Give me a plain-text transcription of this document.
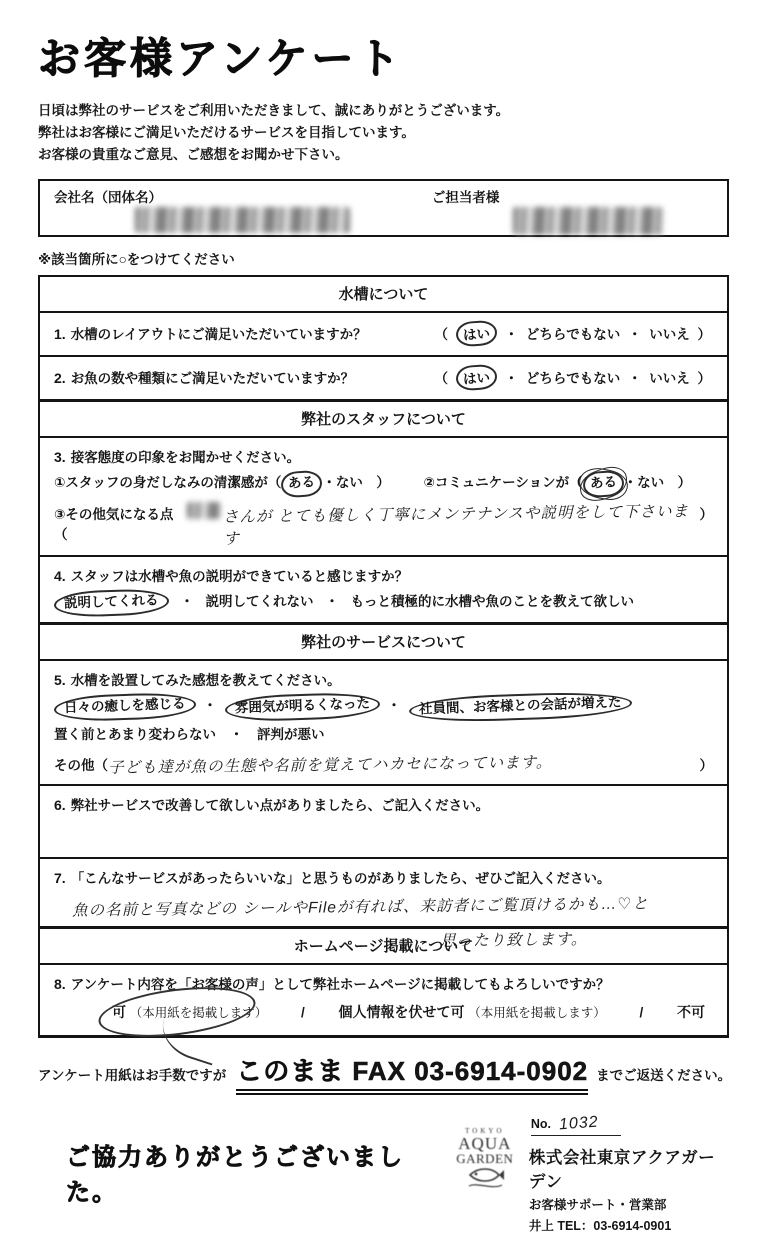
お客様アンケート

日頃は弊社のサービスをご利用いただきまして、誠にありがとうございます。

弊社はお客様にご満足いただけるサービスを目指しています。

お客様の貴重なご意見、ご感想をお聞かせ下さい。

会社名（団体名）	ご担当者様
※該当箇所に○をつけてください
水槽について
1. 水槽のレイアウトにご満足いただいていますか？	（ はい ・ どちらでもない ・ いいえ ）
2. お魚の数や種類にご満足いただいていますか？	（ はい ・ どちらでもない ・ いいえ ）
弊社のスタッフについて
3. 接客態度の印象をお聞かせください。
①スタッフの身だしなみの清潔感が（ ある ・ない　） ②コミュニケーションが（ ある ・ない　）
③その他気になる点（
さんが とても優しく丁寧にメンテナンスや説明をして下さいます
）
4. スタッフは水槽や魚の説明ができていると感じますか？
説明してくれる ・ 説明してくれない ・ もっと積極的に水槽や魚のことを教えて欲しい
弊社のサービスについて
5. 水槽を設置してみた感想を教えてください。
日々の癒しを感じる ・ 雰囲気が明るくなった ・ 社員間、お客様との会話が増えた
置く前とあまり変わらない ・ 評判が悪い
その他（ 子ども達が魚の生態や名前を覚えてハカセになっています。	）
6. 弊社サービスで改善して欲しい点がありましたら、ご記入ください。
7. 「こんなサービスがあったらいいな」と思うものがありましたら、ぜひご記入ください。
魚の名前と写真などの シールやFileが有れば、来訪者にご覧頂けるかも…♡と
思ったり致します。
ホームページ掲載について
8. アンケート内容を「お客様の声」として弊社ホームページに掲載してもよろしいですか？
可 （本用紙を掲載します） / 個人情報を伏せて可 （本用紙を掲載します） / 不可
アンケート用紙はお手数ですが このまま FAX 03-6914-0902 までご返送ください。
ご協力ありがとうございました。
TOKYO
AQUA
GARDEN
No. 1032
株式会社東京アクアガーデン
お客様サポート・営業部
井上 TEL：03-6914-0901
